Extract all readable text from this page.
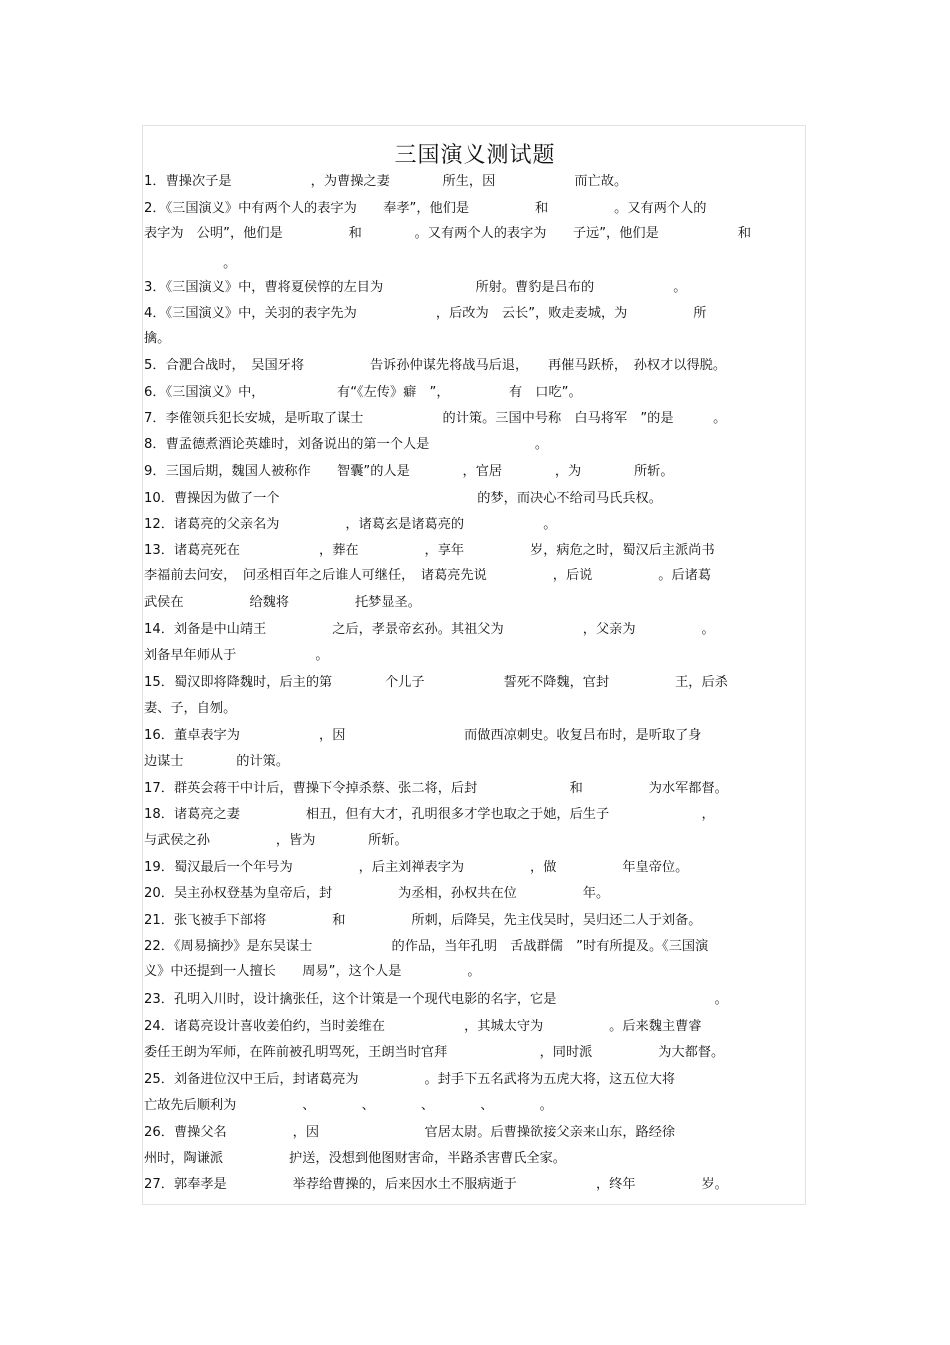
三国演义测试题
1．曹操次子是　　　　　　，为曹操之妻　　　　所生，因　　　　　　而亡故。
2．《三国演义》中有两个人的表字为　　奉孝”，他们是　　　　　和　　　　　。又有两个人的
表字为　公明”，他们是　　　　　和　　　　。又有两个人的表字为　　子远”，他们是　　　　　　和
　　　　　　。
3．《三国演义》中，曹将夏侯惇的左目为　　　　　　　所射。曹豹是吕布的　　　　　　。
4．《三国演义》中，关羽的表字先为　　　　　　，后改为　云长”，败走麦城，为　　　　　所
擒。
5．合淝合战时，　吴国牙将　　　　　告诉孙仲谋先将战马后退，　　再催马跃桥，　孙权才以得脱。
6．《三国演义》中，　　　　　　有“《左传》癖　”，　　　　　有　口吃”。
7．李傕领兵犯长安城，是听取了谋士　　　　　　的计策。三国中号称　白马将军　”的是　　　。
8．曹孟德煮酒论英雄时，刘备说出的第一个人是　　　　　　　　。
9．三国后期，魏国人被称作　　智囊”的人是　　　　，官居　　　　，为　　　　所斩。
10．曹操因为做了一个　　　　　　　　　　　　　　　的梦，而决心不给司马氏兵权。
12．诸葛亮的父亲名为　　　　　，诸葛玄是诸葛亮的　　　　　　。
13．诸葛亮死在　　　　　　，葬在　　　　　，享年　　　　　岁，病危之时，蜀汉后主派尚书
李福前去问安，　问丞相百年之后谁人可继任，　诸葛亮先说　　　　　，后说　　　　　。后诸葛
武侯在　　　　　给魏将　　　　　托梦显圣。
14．刘备是中山靖王　　　　　之后，孝景帝玄孙。其祖父为　　　　　　，父亲为　　　　　。
刘备早年师从于　　　　　　。
15．蜀汉即将降魏时，后主的第　　　　个儿子　　　　　　誓死不降魏，官封　　　　　王，后杀
妻、子，自刎。
16．董卓表字为　　　　　　，因　　　　　　　　　而做西凉刺史。收复吕布时，是听取了身
边谋士　　　　的计策。
17．群英会蒋干中计后，曹操下令掉杀蔡、张二将，后封　　　　　　　和　　　　　为水军都督。
18．诸葛亮之妻　　　　　相丑，但有大才，孔明很多才学也取之于她，后生子　　　　　　　，
与武侯之孙　　　　　，皆为　　　　所斩。
19．蜀汉最后一个年号为　　　　　，后主刘禅表字为　　　　　，做　　　　　年皇帝位。
20．吴主孙权登基为皇帝后，封　　　　　为丞相，孙权共在位　　　　　年。
21．张飞被手下部将　　　　　和　　　　　所刺，后降吴，先主伐吴时，吴归还二人于刘备。
22．《周易摘抄》是东吴谋士　　　　　　的作品，当年孔明　舌战群儒　”时有所提及。《三国演
义》中还提到一人擅长　　周易”，这个人是　　　　　。
23．孔明入川时，设计擒张任，这个计策是一个现代电影的名字，它是　　　　　　　　　　　　。
24．诸葛亮设计喜收姜伯约，当时姜维在　　　　　　，其城太守为　　　　　。后来魏主曹睿
委任王朗为军师，在阵前被孔明骂死，王朗当时官拜　　　　　　　，同时派　　　　　为大都督。
25．刘备进位汉中王后，封诸葛亮为　　　　　。封手下五名武将为五虎大将，这五位大将
亡故先后顺利为　　　　　、　　　　、　　　　、　　　　、　　　　。
26．曹操父名　　　　　，因　　　　　　　　官居太尉。后曹操欲接父亲来山东，路经徐
州时，陶谦派　　　　　护送，没想到他图财害命，半路杀害曹氏全家。
27．郭奉孝是　　　　　举荐给曹操的，后来因水土不服病逝于　　　　　　，终年　　　　　岁。
